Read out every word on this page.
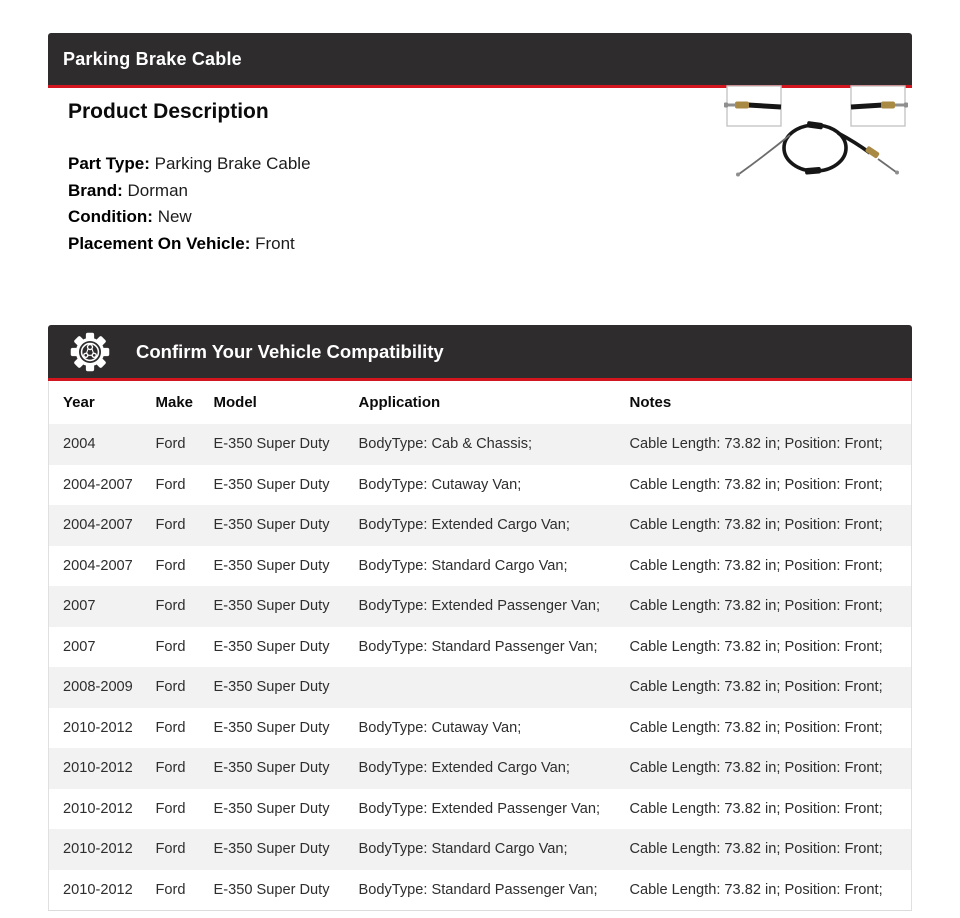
Parking Brake Cable
Product Description
Part Type: Parking Brake Cable
Brand: Dorman
Condition: New
Placement On Vehicle: Front
Confirm Your Vehicle Compatibility
Year	Make	Model	Application	Notes
2004	Ford	E-350 Super Duty	BodyType: Cab & Chassis;	Cable Length: 73.82 in; Position: Front;
2004-2007	Ford	E-350 Super Duty	BodyType: Cutaway Van;	Cable Length: 73.82 in; Position: Front;
2004-2007	Ford	E-350 Super Duty	BodyType: Extended Cargo Van;	Cable Length: 73.82 in; Position: Front;
2004-2007	Ford	E-350 Super Duty	BodyType: Standard Cargo Van;	Cable Length: 73.82 in; Position: Front;
2007	Ford	E-350 Super Duty	BodyType: Extended Passenger Van;	Cable Length: 73.82 in; Position: Front;
2007	Ford	E-350 Super Duty	BodyType: Standard Passenger Van;	Cable Length: 73.82 in; Position: Front;
2008-2009	Ford	E-350 Super Duty		Cable Length: 73.82 in; Position: Front;
2010-2012	Ford	E-350 Super Duty	BodyType: Cutaway Van;	Cable Length: 73.82 in; Position: Front;
2010-2012	Ford	E-350 Super Duty	BodyType: Extended Cargo Van;	Cable Length: 73.82 in; Position: Front;
2010-2012	Ford	E-350 Super Duty	BodyType: Extended Passenger Van;	Cable Length: 73.82 in; Position: Front;
2010-2012	Ford	E-350 Super Duty	BodyType: Standard Cargo Van;	Cable Length: 73.82 in; Position: Front;
2010-2012	Ford	E-350 Super Duty	BodyType: Standard Passenger Van;	Cable Length: 73.82 in; Position: Front;
